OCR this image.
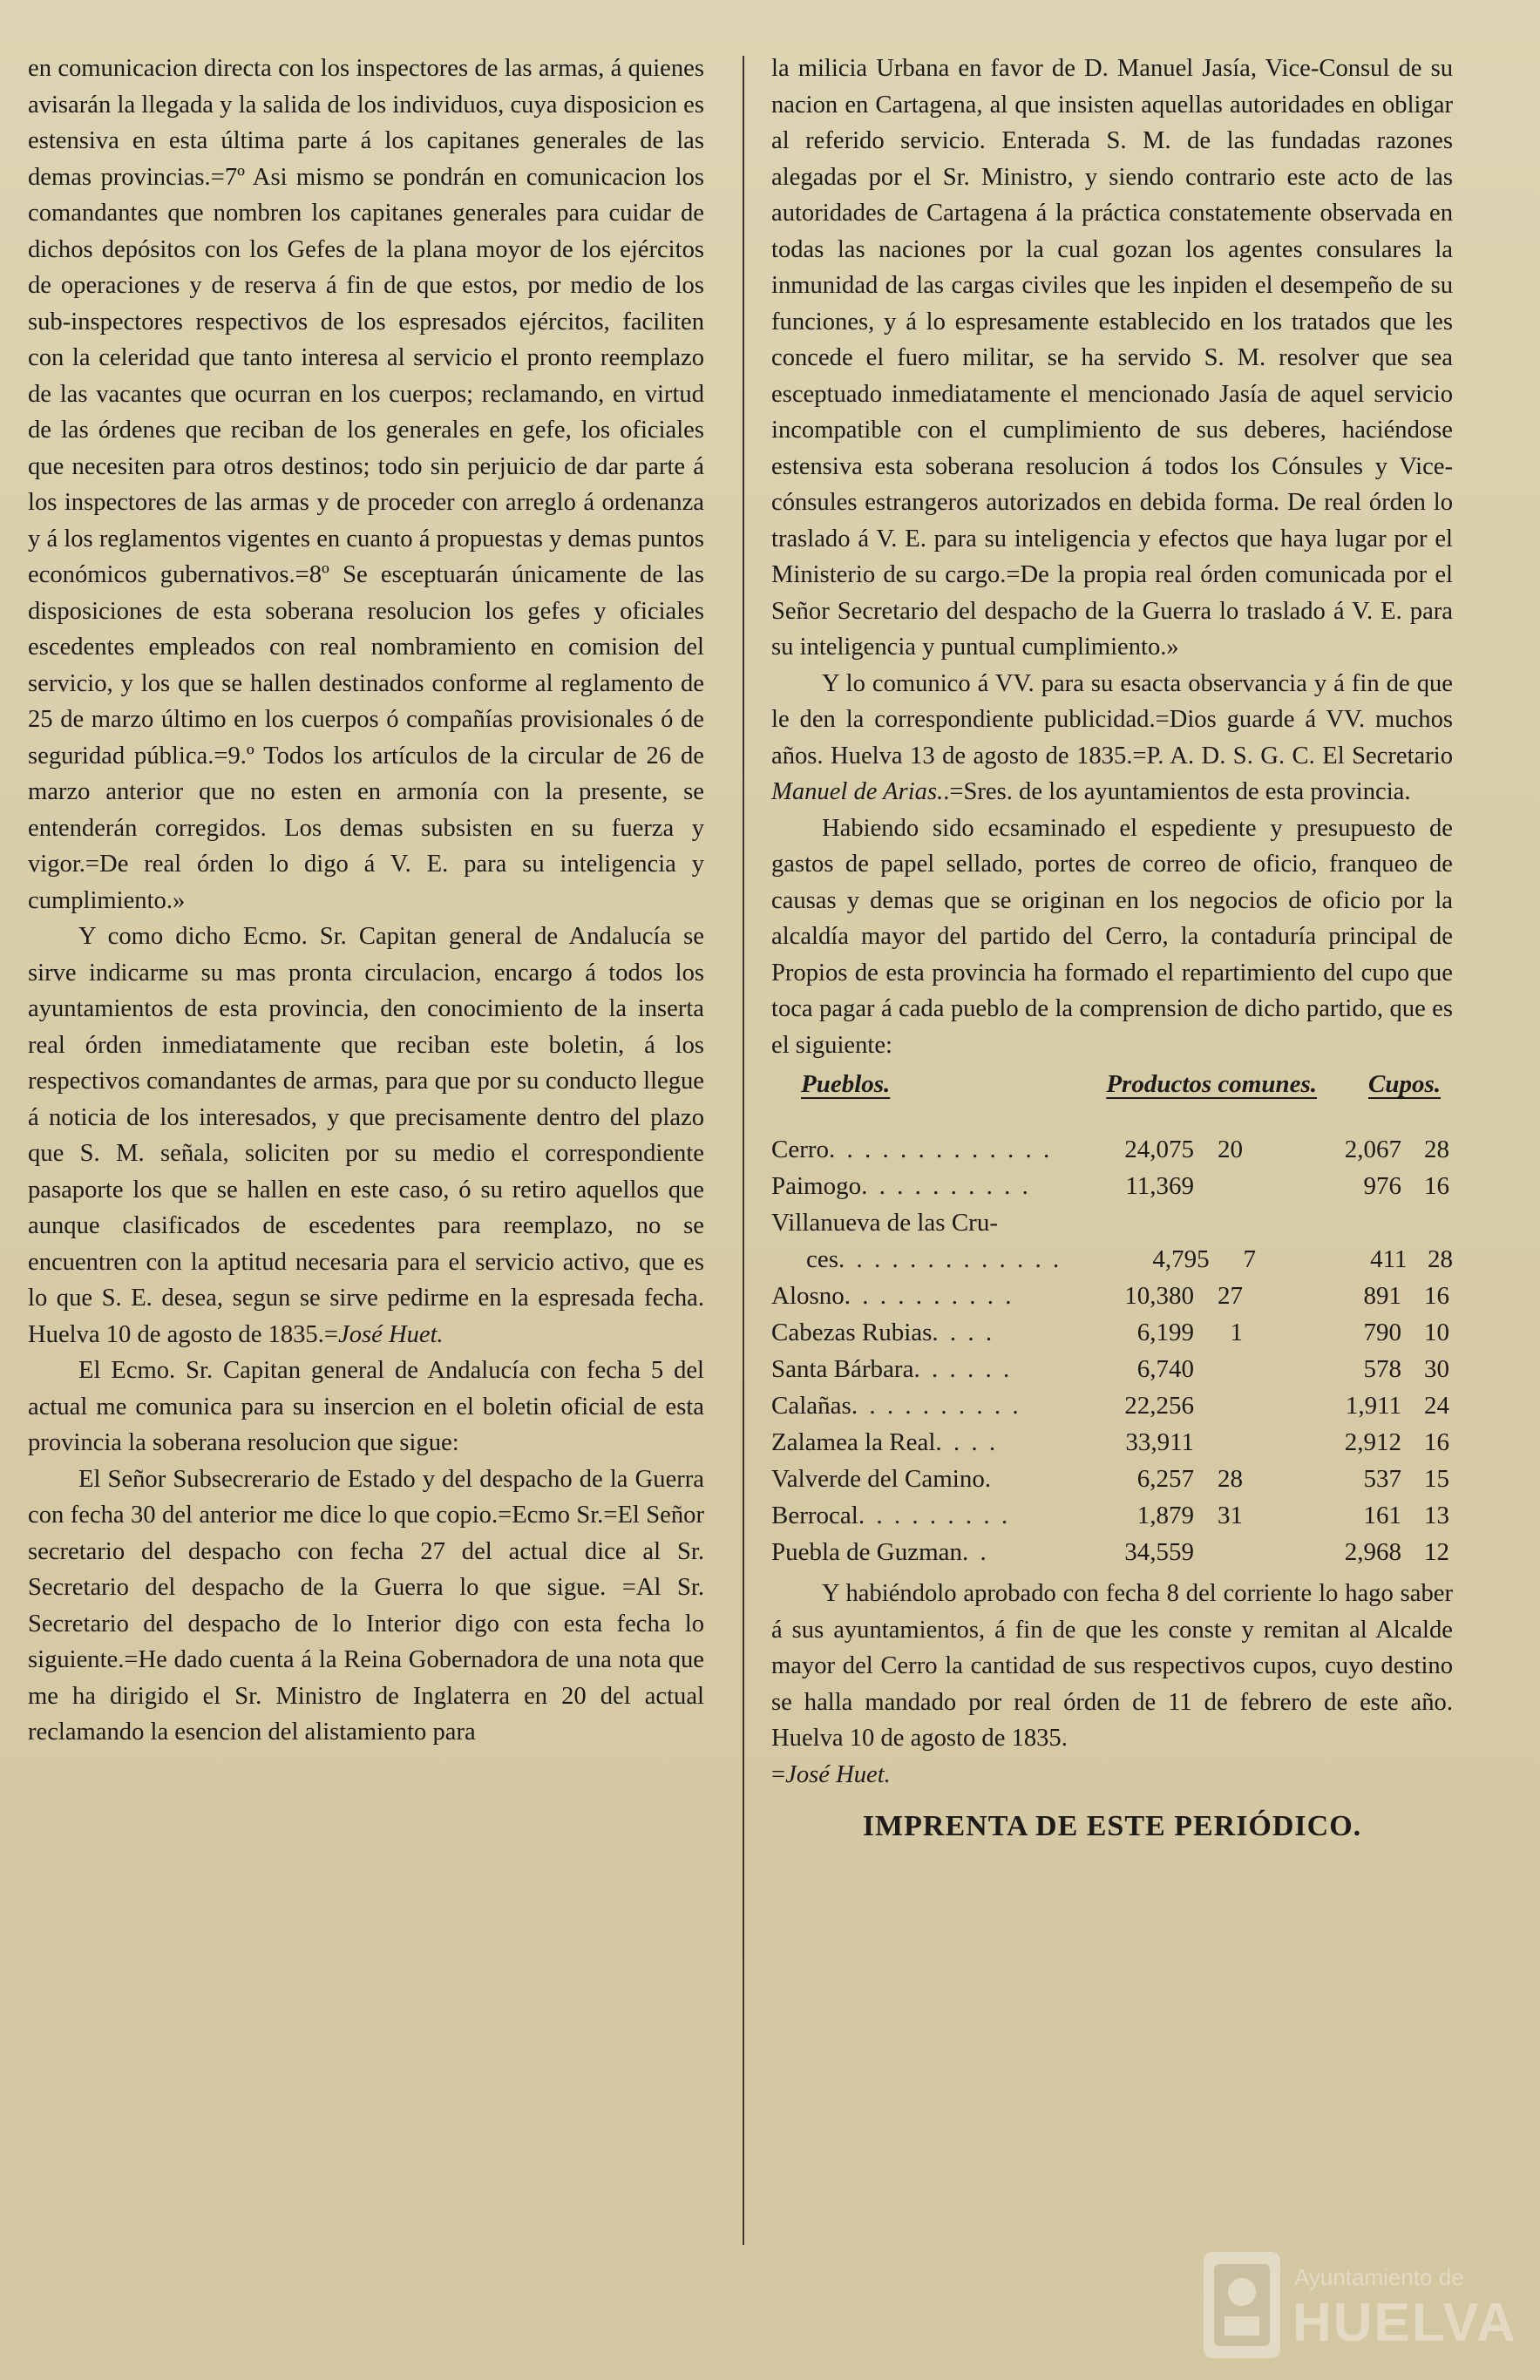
en comunicacion directa con los inspectores de las armas, á quienes avisarán la llegada y la salida de los individuos, cuya disposicion es estensiva en esta última parte á los capitanes generales de las demas provincias.=7º Asi mismo se pondrán en comunicacion los comandantes que nombren los capitanes generales para cuidar de dichos depósitos con los Gefes de la plana moyor de los ejércitos de operaciones y de reserva á fin de que estos, por medio de los sub-inspectores respectivos de los espresados ejércitos, faciliten con la celeridad que tanto interesa al servicio el pronto reemplazo de las vacantes que ocurran en los cuerpos; reclamando, en virtud de las órdenes que reciban de los generales en gefe, los oficiales que necesiten para otros destinos; todo sin perjuicio de dar parte á los inspectores de las armas y de proceder con arreglo á ordenanza y á los reglamentos vigentes en cuanto á propuestas y demas puntos económicos gubernativos.=8º Se esceptuarán únicamente de las disposiciones de esta soberana resolucion los gefes y oficiales escedentes empleados con real nombramiento en comision del servicio, y los que se hallen destinados conforme al reglamento de 25 de marzo último en los cuerpos ó compañías provisionales ó de seguridad pública.=9.º Todos los artículos de la circular de 26 de marzo anterior que no esten en armonía con la presente, se entenderán corregidos. Los demas subsisten en su fuerza y vigor.=De real órden lo digo á V. E. para su inteligencia y cumplimiento.»

Y como dicho Ecmo. Sr. Capitan general de Andalucía se sirve indicarme su mas pronta circulacion, encargo á todos los ayuntamientos de esta provincia, den conocimiento de la inserta real órden inmediatamente que reciban este boletin, á los respectivos comandantes de armas, para que por su conducto llegue á noticia de los interesados, y que precisamente dentro del plazo que S. M. señala, soliciten por su medio el correspondiente pasaporte los que se hallen en este caso, ó su retiro aquellos que aunque clasificados de escedentes para reemplazo, no se encuentren con la aptitud necesaria para el servicio activo, que es lo que S. E. desea, segun se sirve pedirme en la espresada fecha. Huelva 10 de agosto de 1835.=José Huet.

El Ecmo. Sr. Capitan general de Andalucía con fecha 5 del actual me comunica para su insercion en el boletin oficial de esta provincia la soberana resolucion que sigue:

El Señor Subsecrerario de Estado y del despacho de la Guerra con fecha 30 del anterior me dice lo que copio.=Ecmo Sr.=El Señor secretario del despacho con fecha 27 del actual dice al Sr. Secretario del despacho de la Guerra lo que sigue. =Al Sr. Secretario del despacho de lo Interior digo con esta fecha lo siguiente.=He dado cuenta á la Reina Gobernadora de una nota que me ha dirigido el Sr. Ministro de Inglaterra en 20 del actual reclamando la esencion del alistamiento para

la milicia Urbana en favor de D. Manuel Jasía, Vice-Consul de su nacion en Cartagena, al que insisten aquellas autoridades en obligar al referido servicio. Enterada S. M. de las fundadas razones alegadas por el Sr. Ministro, y siendo contrario este acto de las autoridades de Cartagena á la práctica constatemente observada en todas las naciones por la cual gozan los agentes consulares la inmunidad de las cargas civiles que les inpiden el desempeño de su funciones, y á lo espresamente establecido en los tratados que les concede el fuero militar, se ha servido S. M. resolver que sea esceptuado inmediatamente el mencionado Jasía de aquel servicio incompatible con el cumplimiento de sus deberes, haciéndose estensiva esta soberana resolucion á todos los Cónsules y Vice-cónsules estrangeros autorizados en debida forma. De real órden lo traslado á V. E. para su inteligencia y efectos que haya lugar por el Ministerio de su cargo.=De la propia real órden comunicada por el Señor Secretario del despacho de la Guerra lo traslado á V. E. para su inteligencia y puntual cumplimiento.»

Y lo comunico á VV. para su esacta observancia y á fin de que le den la correspondiente publicidad.=Dios guarde á VV. muchos años. Huelva 13 de agosto de 1835.=P. A. D. S. G. C. El Secretario Manuel de Arias..=Sres. de los ayuntamientos de esta provincia.

Habiendo sido ecsaminado el espediente y presupuesto de gastos de papel sellado, portes de correo de oficio, franqueo de causas y demas que se originan en los negocios de oficio por la alcaldía mayor del partido del Cerro, la contaduría principal de Propios de esta provincia ha formado el repartimiento del cupo que toca pagar á cada pueblo de la comprension de dicho partido, que es el siguiente:

Pueblos.	Productos comunes.	Cupos.
Cerro. . . . . . . . . . . . .	24,075 20	2,067 28
Paimogo. . . . . . . . . .	11,369	976 16
Villanueva de las Cru-
ces. . . . . . . . . . . . .	4,795	7	411 28
Alosno. . . . . . . . . .	10,380 27	891 16
Cabezas Rubias. . . .	6,199	1	790 10
Santa Bárbara. . . . . .	6,740	578 30
Calañas. . . . . . . . . .	22,256	1,911 24
Zalamea la Real. . . .	33,911	2,912 16
Valverde del Camino.	6,257 28	537 15
Berrocal. . . . . . . . .	1,879 31	161 13
Puebla de Guzman. .	34,559	2,968 12

Y habiéndolo aprobado con fecha 8 del corriente lo hago saber á sus ayuntamientos, á fin de que les conste y remitan al Alcalde mayor del Cerro la cantidad de sus respectivos cupos, cuyo destino se halla mandado por real órden de 11 de febrero de este año. Huelva 10 de agosto de 1835.

=José Huet.

IMPRENTA DE ESTE PERIÓDICO.
Ayuntamiento de
HUELVA
